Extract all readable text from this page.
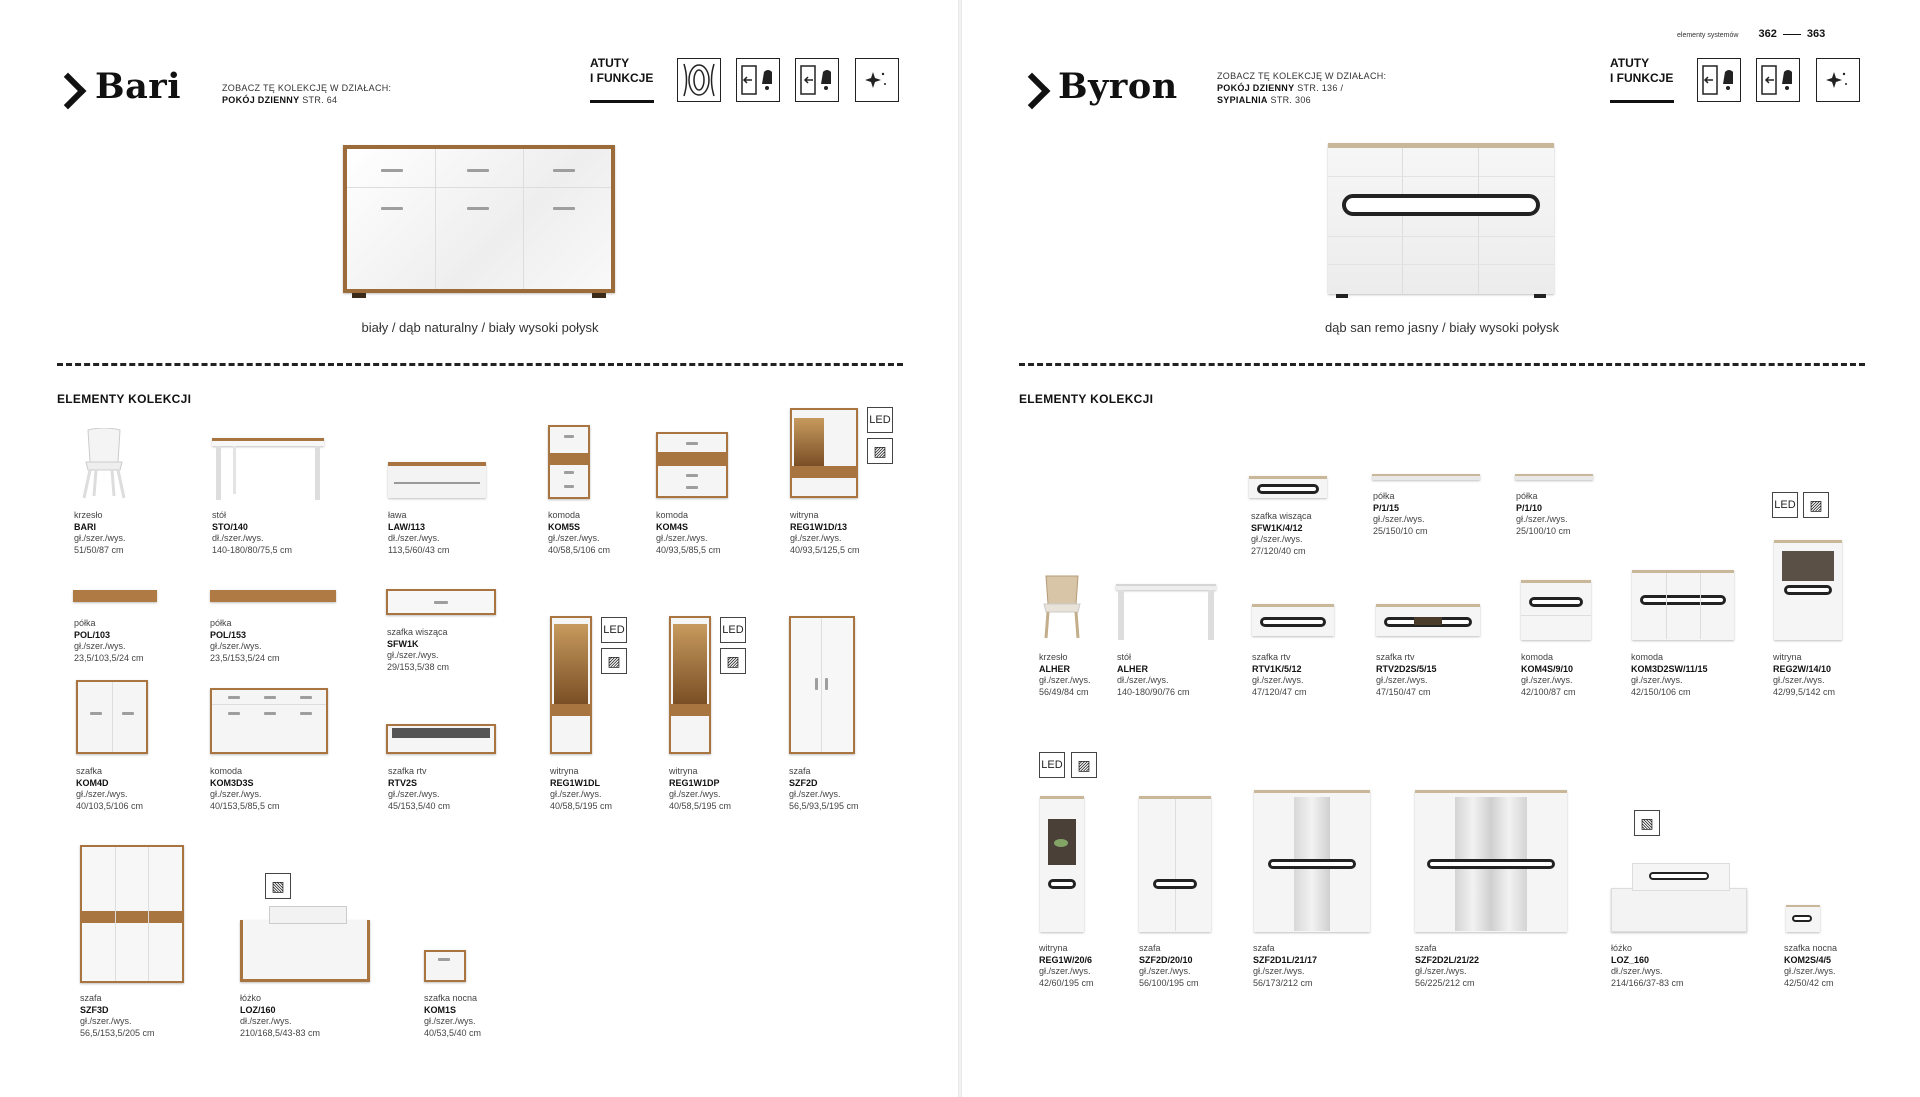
Bari	ZOBACZ TĘ KOLEKCJĘ W DZIAŁACH:
POKÓJ DZIENNY STR. 64
ATUTY
I FUNKCJE
biały / dąb naturalny / biały wysoki połysk
ELEMENTY KOLEKCJI
LED
▨
LED
▨
LED
▨
▧
krzesło
BARI
gł./szer./wys.
51/50/87 cm
stół
STO/140
dł./szer./wys.
140-180/80/75,5 cm
ława
LAW/113
dł./szer./wys.
113,5/60/43 cm
komoda
KOM5S
gł./szer./wys.
40/58,5/106 cm
komoda
KOM4S
gł./szer./wys.
40/93,5/85,5 cm
witryna
REG1W1D/13
gł./szer./wys.
40/93,5/125,5 cm
półka
POL/103
gł./szer./wys.
23,5/103,5/24 cm
półka
POL/153
gł./szer./wys.
23,5/153,5/24 cm
szafka wisząca
SFW1K
gł./szer./wys.
29/153,5/38 cm
szafka
KOM4D
gł./szer./wys.
40/103,5/106 cm
komoda
KOM3D3S
gł./szer./wys.
40/153,5/85,5 cm
szafka rtv
RTV2S
gł./szer./wys.
45/153,5/40 cm
witryna
REG1W1DL
gł./szer./wys.
40/58,5/195 cm
witryna
REG1W1DP
gł./szer./wys.
40/58,5/195 cm
szafa
SZF2D
gł./szer./wys.
56,5/93,5/195 cm
szafa
SZF3D
gł./szer./wys.
56,5/153,5/205 cm
łóżko
LOZ/160
dł./szer./wys.
210/168,5/43-83 cm
szafka nocna
KOM1S
gł./szer./wys.
40/53,5/40 cm
elementy systemów 362	363
Byron	ZOBACZ TĘ KOLEKCJĘ W DZIAŁACH:
POKÓJ DZIENNY STR. 136 /
SYPIALNIA STR. 306
ATUTY
I FUNKCJE
dąb san remo jasny / biały wysoki połysk
ELEMENTY KOLEKCJI
LED ▨
LED	▨
▧
szafka wisząca
SFW1K/4/12
gł./szer./wys.
27/120/40 cm
półka
P/1/15
gł./szer./wys.
25/150/10 cm
półka
P/1/10
gł./szer./wys.
25/100/10 cm
krzesło
ALHER
gł./szer./wys.
56/49/84 cm
stół
ALHER
dł./szer./wys.
140-180/90/76 cm
szafka rtv
RTV1K/5/12
gł./szer./wys.
47/120/47 cm
szafka rtv
RTV2D2S/5/15
gł./szer./wys.
47/150/47 cm
komoda
KOM4S/9/10
gł./szer./wys.
42/100/87 cm
komoda
KOM3D2SW/11/15
gł./szer./wys.
42/150/106 cm
witryna
REG2W/14/10
gł./szer./wys.
42/99,5/142 cm
witryna
REG1W/20/6
gł./szer./wys.
42/60/195 cm
szafa
SZF2D/20/10
gł./szer./wys.
56/100/195 cm
szafa
SZF2D1L/21/17
gł./szer./wys.
56/173/212 cm
szafa
SZF2D2L/21/22
gł./szer./wys.
56/225/212 cm
łóżko
LOZ_160
dł./szer./wys.
214/166/37-83 cm
szafka nocna
KOM2S/4/5
gł./szer./wys.
42/50/42 cm
